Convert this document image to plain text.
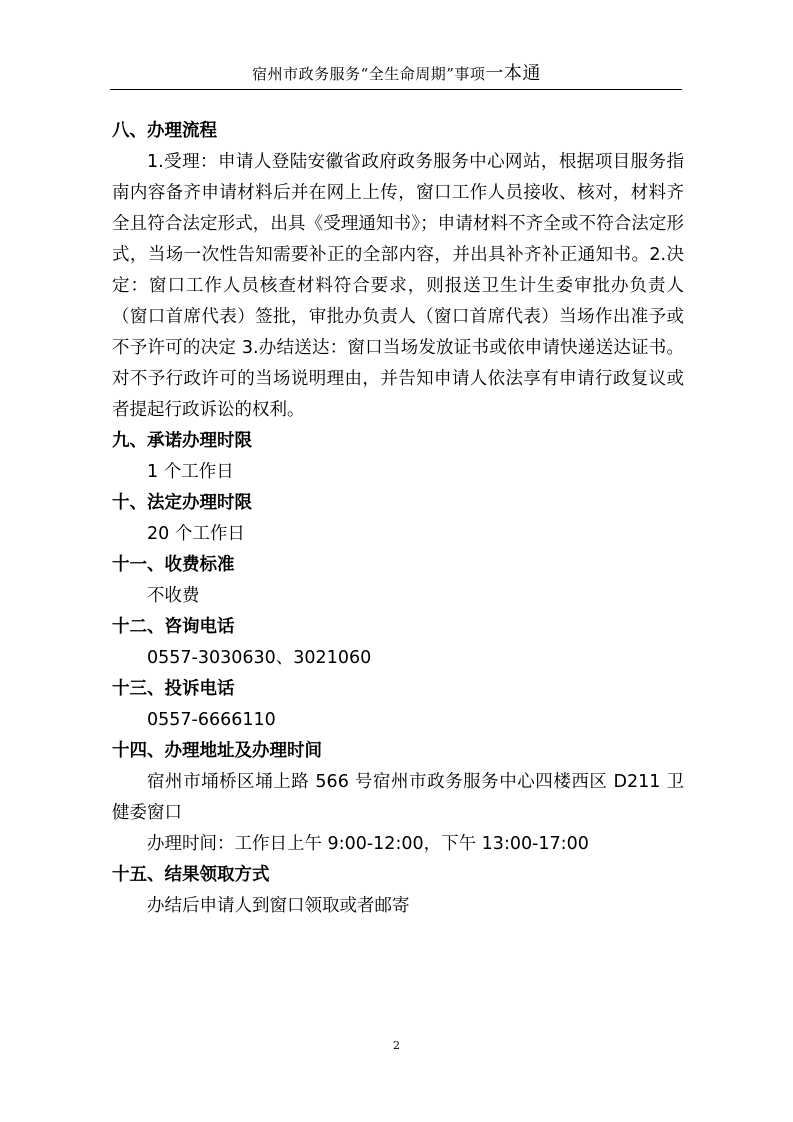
宿州市政务服务“全生命周期”事项一本通

八、办理流程

1.受理：申请人登陆安徽省政府政务服务中心网站，根据项目服务指南内容备齐申请材料后并在网上上传，窗口工作人员接收、核对，材料齐全且符合法定形式，出具《受理通知书》；申请材料不齐全或不符合法定形式，当场一次性告知需要补正的全部内容，并出具补齐补正通知书。2.决定：窗口工作人员核查材料符合要求，则报送卫生计生委审批办负责人（窗口首席代表）签批，审批办负责人（窗口首席代表）当场作出准予或不予许可的决定 3.办结送达：窗口当场发放证书或依申请快递送达证书。对不予行政许可的当场说明理由，并告知申请人依法享有申请行政复议或者提起行政诉讼的权利。

九、承诺办理时限

1 个工作日

十、法定办理时限

20 个工作日

十一、收费标准

不收费

十二、咨询电话

0557-3030630、3021060

十三、投诉电话

0557-6666110

十四、办理地址及办理时间

宿州市埇桥区埇上路 566 号宿州市政务服务中心四楼西区 D211 卫健委窗口

办理时间：工作日上午 9:00-12:00，下午 13:00-17:00

十五、结果领取方式

办结后申请人到窗口领取或者邮寄

2
